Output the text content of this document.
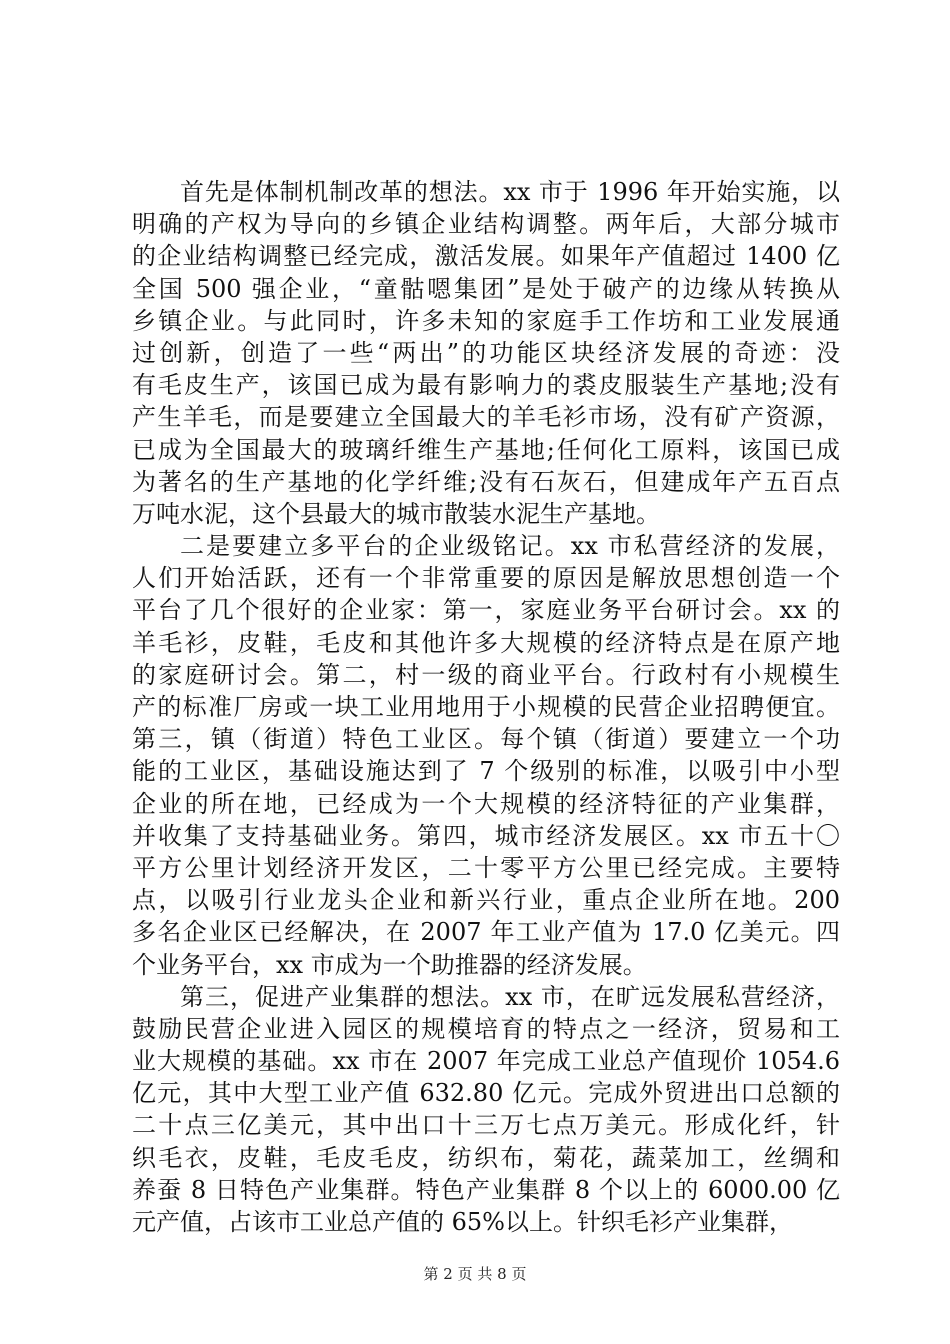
首先是体制机制改革的想法。xx 市于 1996 年开始实施，以
明确的产权为导向的乡镇企业结构调整。两年后，大部分城市
的企业结构调整已经完成，激活发展。如果年产值超过 1400 亿
全国 500 强企业，“童骷嗯集团”是处于破产的边缘从转换从
乡镇企业。与此同时，许多未知的家庭手工作坊和工业发展通
过创新，创造了一些“两出”的功能区块经济发展的奇迹：没
有毛皮生产，该国已成为最有影响力的裘皮服装生产基地;没有
产生羊毛，而是要建立全国最大的羊毛衫市场，没有矿产资源，
已成为全国最大的玻璃纤维生产基地;任何化工原料，该国已成
为著名的生产基地的化学纤维;没有石灰石，但建成年产五百点
万吨水泥，这个县最大的城市散装水泥生产基地。
二是要建立多平台的企业级铭记。xx 市私营经济的发展，
人们开始活跃，还有一个非常重要的原因是解放思想创造一个
平台了几个很好的企业家：第一，家庭业务平台研讨会。xx 的
羊毛衫，皮鞋，毛皮和其他许多大规模的经济特点是在原产地
的家庭研讨会。第二，村一级的商业平台。行政村有小规模生
产的标准厂房或一块工业用地用于小规模的民营企业招聘便宜。
第三，镇（街道）特色工业区。每个镇（街道）要建立一个功
能的工业区，基础设施达到了 7 个级别的标准，以吸引中小型
企业的所在地，已经成为一个大规模的经济特征的产业集群，
并收集了支持基础业务。第四，城市经济发展区。xx 市五十〇
平方公里计划经济开发区，二十零平方公里已经完成。主要特
点，以吸引行业龙头企业和新兴行业，重点企业所在地。200
多名企业区已经解决，在 2007 年工业产值为 17.0 亿美元。四
个业务平台，xx 市成为一个助推器的经济发展。
第三，促进产业集群的想法。xx 市，在旷远发展私营经济，
鼓励民营企业进入园区的规模培育的特点之一经济，贸易和工
业大规模的基础。xx 市在 2007 年完成工业总产值现价 1054.6
亿元，其中大型工业产值 632.80 亿元。完成外贸进出口总额的
二十点三亿美元，其中出口十三万七点万美元。形成化纤，针
织毛衣，皮鞋，毛皮毛皮，纺织布，菊花，蔬菜加工，丝绸和
养蚕 8 日特色产业集群。特色产业集群 8 个以上的 6000.00 亿
元产值，占该市工业总产值的 65%以上。针织毛衫产业集群，
第 2 页 共 8 页
